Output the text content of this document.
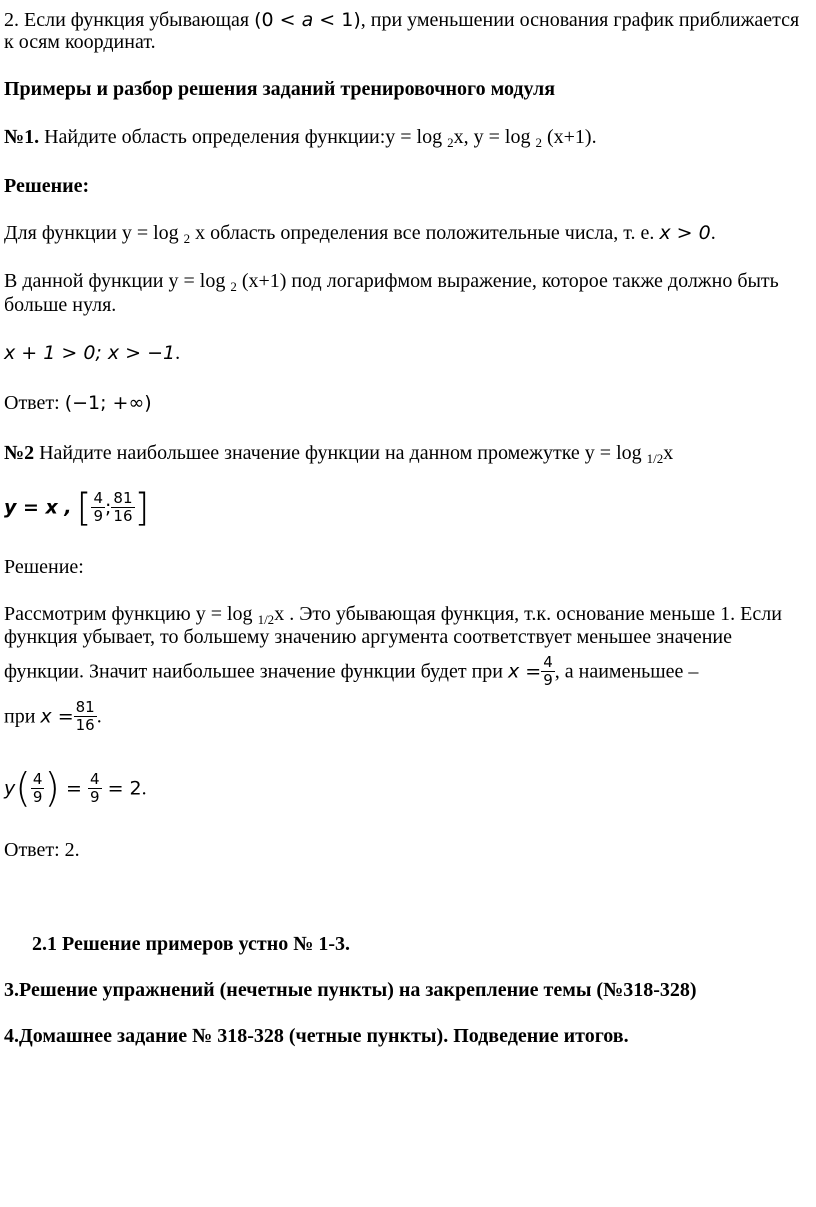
2. Если функция убывающая (0 < a < 1), при уменьшении основания график приближается
к осям координат.
Примеры и разбор решения заданий тренировочного модуля
№1. Найдите область определения функции:у = log $_2$х, у = log $_2$ (х+1).
Решение:
Для функции у = log $_2$ х область определения все положительные числа, т. е. x > 0.
В данной функции у = log $_2$ (х+1) под логарифмом выражение, которое также должно быть
больше нуля.
x + 1 > 0; x > −1.
Ответ: (−1; +∞)
№2 Найдите наибольшее значение функции на данном промежутке у = log $_{1/2}$х
y = x , [ $\frac{4}{9}$ ; $\frac{81}{16}$ ]
Решение:
Рассмотрим функцию у = log $_{1/2}$х . Это убывающая функция, т.к. основание меньше 1. Если
функция убывает, то большему значению аргумента соответствует меньшее значение
функции. Значит наибольшее значение функции будет при $x = \frac{4}{9}$ , а наименьшее –
при $x = \frac{81}{16}$ .
$y( \frac{4}{9}$ ) = $\frac{4}{9} = 2$.
Ответ: 2.
2.1 Решение примеров устно № 1-3.
3.Решение упражнений (нечетные пункты) на закрепление темы (№318-328)
4.Домашнее задание № 318-328 (четные пункты). Подведение итогов.
